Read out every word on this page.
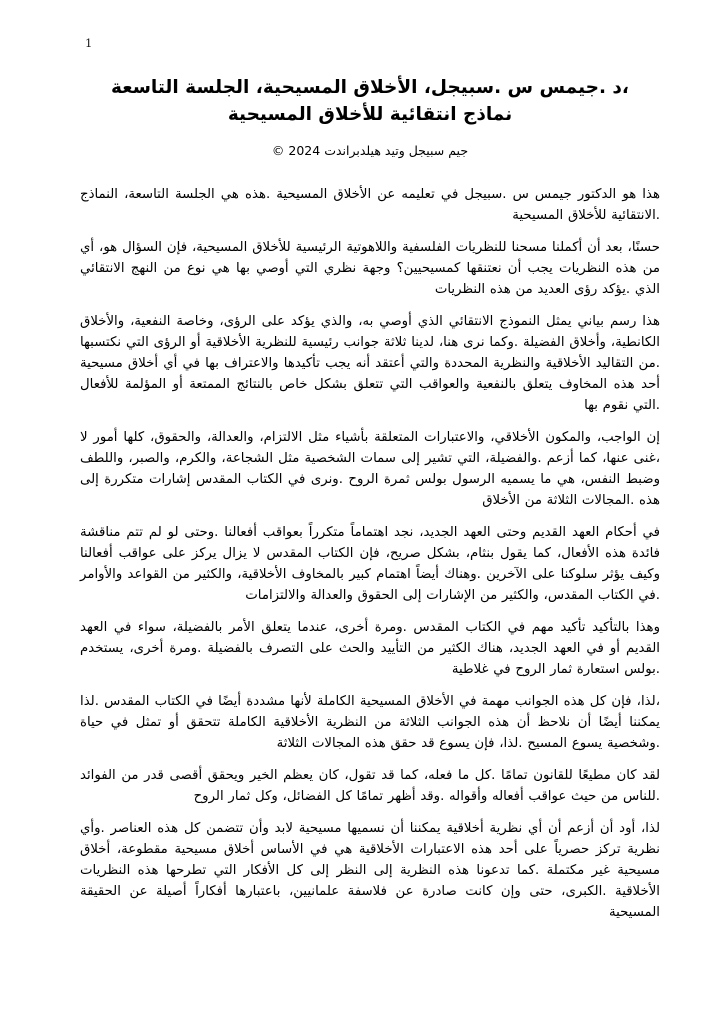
1
،د .جيمس س .سبيجل، الأخلاق المسيحية، الجلسة التاسعة
نماذج انتقائية للأخلاق المسيحية
جيم سبيجل وتيد هيلدبراندت 2024 ©

هذا هو الدكتور جيمس س .سبيجل في تعليمه عن الأخلاق المسيحية .هذه هي الجلسة التاسعة، النماذج .الانتقائية للأخلاق المسيحية

حسنًا، بعد أن أكملنا مسحنا للنظريات الفلسفية واللاهوتية الرئيسية للأخلاق المسيحية، فإن السؤال هو، أي من هذه النظريات يجب أن نعتنقها كمسيحيين؟ وجهة نظري التي أوصي بها هي نوع من النهج الانتقائي الذي .يؤكد رؤى العديد من هذه النظريات

هذا رسم بياني يمثل النموذج الانتقائي الذي أوصي به، والذي يؤكد على الرؤى، وخاصة النفعية، والأخلاق الكانطية، وأخلاق الفضيلة .وكما نرى هنا، لدينا ثلاثة جوانب رئيسية للنظرية الأخلاقية أو الرؤى التي نكتسبها .من التقاليد الأخلاقية والنظرية المحددة والتي أعتقد أنه يجب تأكيدها والاعتراف بها في أي أخلاق مسيحية أحد هذه المخاوف يتعلق بالنفعية والعواقب التي تتعلق بشكل خاص بالنتائج الممتعة أو المؤلمة للأفعال .التي نقوم بها

إن الواجب، والمكون الأخلاقي، والاعتبارات المتعلقة بأشياء مثل الالتزام، والعدالة، والحقوق، كلها أمور لا ،غنى عنها، كما أزعم .والفضيلة، التي تشير إلى سمات الشخصية مثل الشجاعة، والكرم، والصبر، واللطف وضبط النفس، هي ما يسميه الرسول بولس ثمرة الروح .ونرى في الكتاب المقدس إشارات متكررة إلى هذه .المجالات الثلاثة من الأخلاق

في أحكام العهد القديم وحتى العهد الجديد، نجد اهتماماً متكرراً بعواقب أفعالنا .وحتى لو لم تتم مناقشة فائدة هذه الأفعال، كما يقول بنثام، بشكل صريح، فإن الكتاب المقدس لا يزال يركز على عواقب أفعالنا وكيف يؤثر سلوكنا على الآخرين .وهناك أيضاً اهتمام كبير بالمخاوف الأخلاقية، والكثير من القواعد والأوامر .في الكتاب المقدس، والكثير من الإشارات إلى الحقوق والعدالة والالتزامات

وهذا بالتأكيد تأكيد مهم في الكتاب المقدس .ومرة أخرى، عندما يتعلق الأمر بالفضيلة، سواء في العهد القديم أو في العهد الجديد، هناك الكثير من التأييد والحث على التصرف بالفضيلة .ومرة أخرى، يستخدم .بولس استعارة ثمار الروح في غلاطية

،لذا، فإن كل هذه الجوانب مهمة في الأخلاق المسيحية الكاملة لأنها مشددة أيضًا في الكتاب المقدس .لذا يمكننا أيضًا أن نلاحظ أن هذه الجوانب الثلاثة من النظرية الأخلاقية الكاملة تتحقق أو تمثل في حياة .وشخصية يسوع المسيح .لذا، فإن يسوع قد حقق هذه المجالات الثلاثة

لقد كان مطيعًا للقانون تمامًا .كل ما فعله، كما قد تقول، كان يعظم الخير ويحقق أقصى قدر من الفوائد .للناس من حيث عواقب أفعاله وأقواله .وقد أظهر تمامًا كل الفضائل، وكل ثمار الروح

لذا، أود أن أزعم أن أي نظرية أخلاقية يمكننا أن نسميها مسيحية لابد وأن تتضمن كل هذه العناصر .وأي نظرية تركز حصرياً على أحد هذه الاعتبارات الأخلاقية هي في الأساس أخلاق مسيحية مقطوعة، أخلاق مسيحية غير مكتملة .كما تدعونا هذه النظرية إلى النظر إلى كل الأفكار التي تطرحها هذه النظريات الأخلاقية .الكبرى، حتى وإن كانت صادرة عن فلاسفة علمانيين، باعتبارها أفكاراً أصيلة عن الحقيقة المسيحية
